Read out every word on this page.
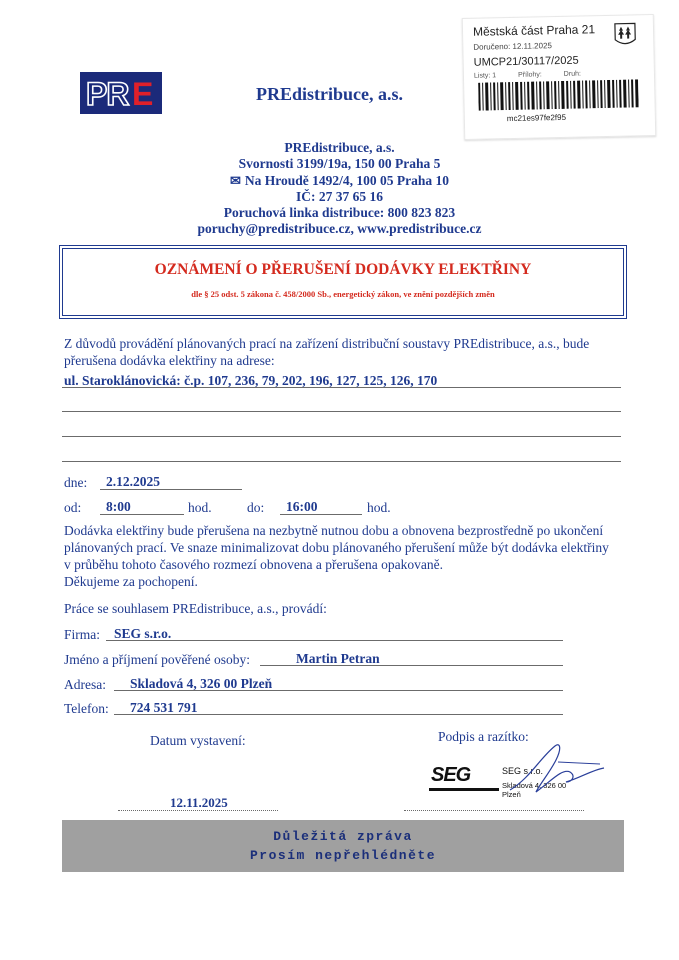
Městská část Praha 21
Doručeno: 12.11.2025
UMCP21/30117/2025
Listy: 1	Přílohy:	Druh:
mc21es97fe2f95
PR E	PREdistribuce, a.s.
PREdistribuce, a.s.
Svornosti 3199/19a, 150 00 Praha 5
✉ Na Hroudě 1492/4, 100 05 Praha 10
IČ: 27 37 65 16
Poruchová linka distribuce: 800 823 823
poruchy@predistribuce.cz, www.predistribuce.cz
OZNÁMENÍ O PŘERUŠENÍ DODÁVKY ELEKTŘINY
dle § 25 odst. 5 zákona č. 458/2000 Sb., energetický zákon, ve znění pozdějších změn
Z důvodů provádění plánovaných prací na zařízení distribuční soustavy PREdistribuce, a.s., bude
přerušena dodávka elektřiny na adrese:
ul. Staroklánovická: č.p. 107, 236, 79, 202, 196, 127, 125, 126, 170
dne: 2.12.2025
od: 8:00	hod.	do: 16:00	hod.
Dodávka elektřiny bude přerušena na nezbytně nutnou dobu a obnovena bezprostředně po ukončení
plánovaných prací. Ve snaze minimalizovat dobu plánovaného přerušení může být dodávka elektřiny
v průběhu tohoto časového rozmezí obnovena a přerušena opakovaně.
Děkujeme za pochopení.
Práce se souhlasem PREdistribuce, a.s., provádí:
Firma: SEG s.r.o.
Jméno a příjmení pověřené osoby:	Martin Petran
Adresa: Skladová 4, 326 00 Plzeň
Telefon: 724 531 791
Datum vystavení:	Podpis a razítko:
SEG	SEG s.r.o.
Skladová 4, 326 00 Plzeň
12.11.2025
Důležitá zpráva
Prosím nepřehlédněte
